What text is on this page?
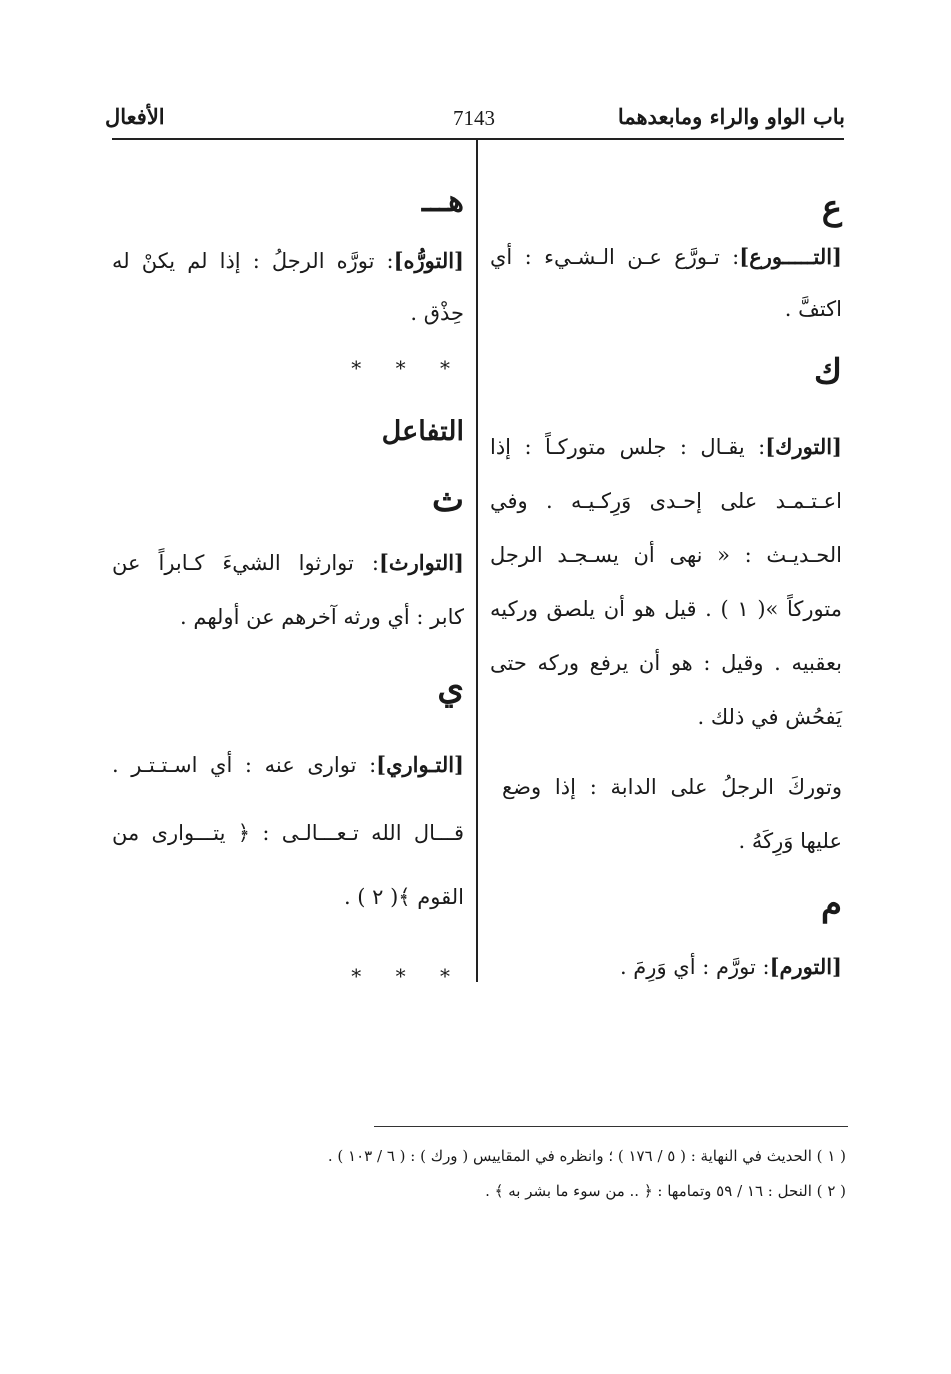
باب الواو والراء ومابعدهما
7143
الأفعال
ع
[التـــــورع]: تـورَّع عـن الـشـيء : أي
اكتفَّ .
ك
[التورك]: يقـال : جلس متوركـاً : إذا
اعـتـمـد على إحـدى وَرِكـيـه . وفي
الحـديـث : « نهى أن يسـجـد الرجل
متوركاً »( ١ ) . قيل هو أن يلصق وركيه
بعقبيه . وقيل : هو أن يرفع وركه حتى
يَفحُش في ذلك .
وتوركَ الرجلُ على الدابة : إذا وضع
عليها وَرِكَهُ .
م
[التورم]: تورَّم : أي وَرِمَ .
هـــ
[التورُّه]: تورَّه الرجلُ : إذا لم يكنْ له
حِذْق .
* * *
التفاعل
ث
[التوارث]: توارثوا الشيءَ كـابراً عن
كابر : أي ورثه آخرهم عن أولهم .
ي
[التـواري]: توارى عنه : أي اسـتـتـر .
قـــال الله تـعـــالـى : ﴿ يتـــوارى من
القوم ﴾( ٢ ) .
* * *
( ١ ) الحديث في النهاية : ( ٥ / ١٧٦ ) ؛ وانظره في المقاييس ( ورك ) : ( ٦ / ١٠٣ ) .
( ٢ ) النحل : ١٦ / ٥٩ وتمامها : ﴿ .. من سوء ما بشر به ﴾ .
